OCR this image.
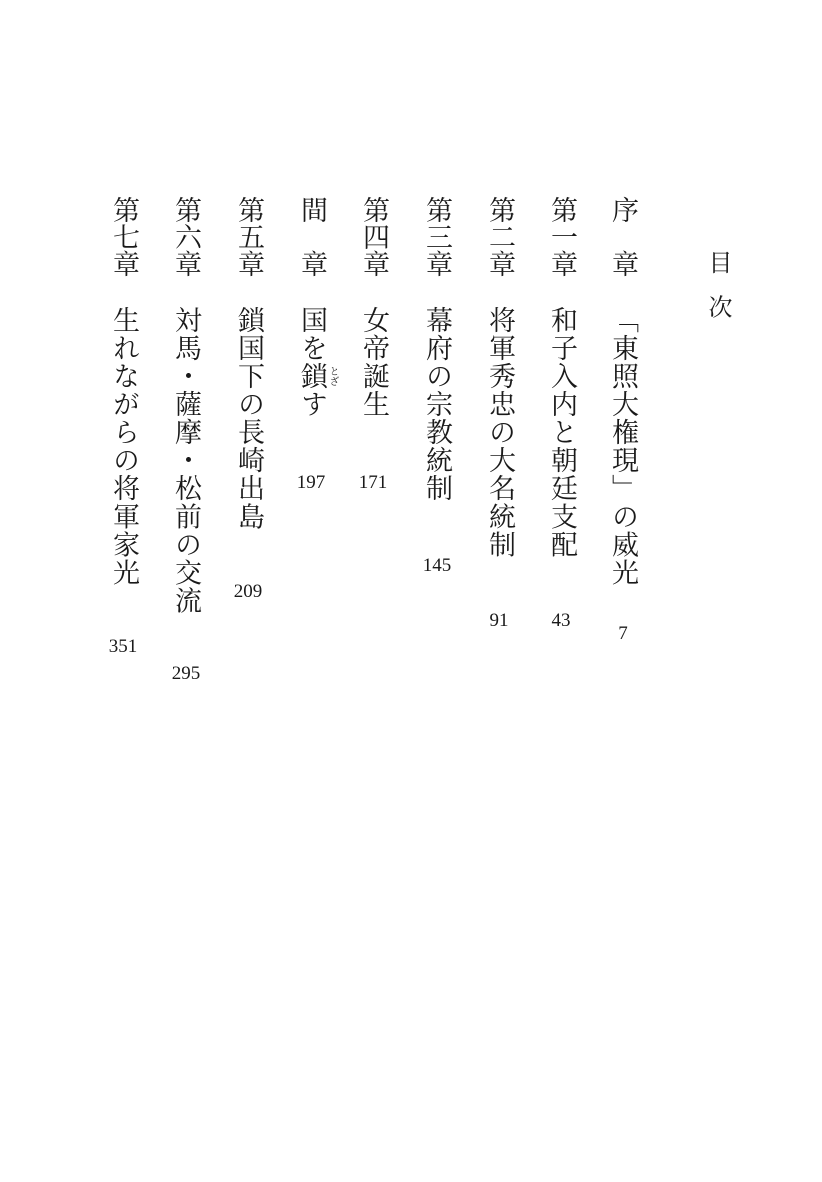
目次
序　章
「東照大権現」の威光
7
第一章
和子入内と朝廷支配
43
第二章
将軍秀忠の大名統制
91
第三章
幕府の宗教統制
145
第四章
女帝誕生
171
間　章
国を鎖す とざ
197
第五章
鎖国下の長崎出島
209
第六章
対馬・薩摩・松前の交流
295
第七章
生れながらの将軍家光
351
